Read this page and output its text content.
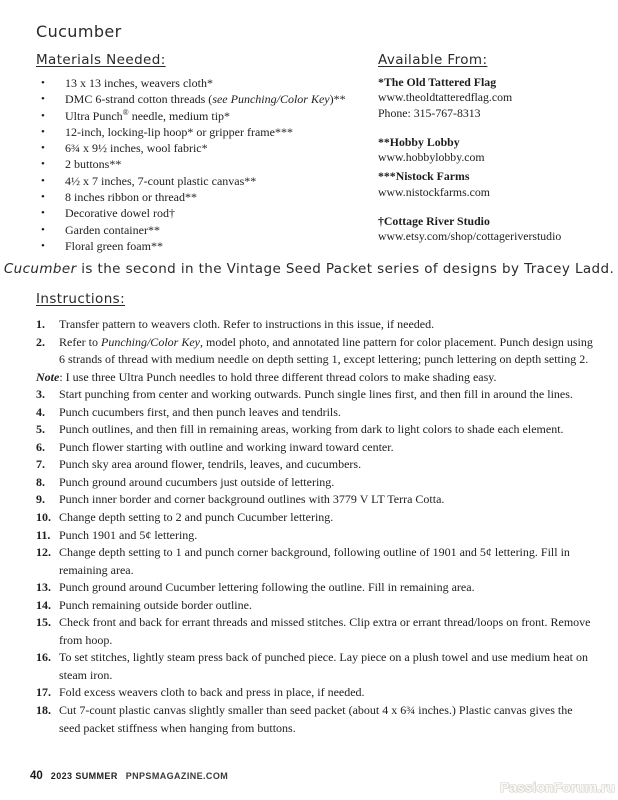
Cucumber
Materials Needed:
•	13 x 13 inches, weavers cloth*
•	DMC 6-strand cotton threads (see Punching/Color Key)**
•	Ultra Punch® needle, medium tip*
•	12-inch, locking-lip hoop* or gripper frame***
•	6¾ x 9½ inches, wool fabric*
•	2 buttons**
•	4½ x 7 inches, 7-count plastic canvas**
•	8 inches ribbon or thread**
•	Decorative dowel rod†
•	Garden container**
•	Floral green foam**
Available From:
*The Old Tattered Flag
www.theoldtatteredflag.com
Phone: 315-767-8313
**Hobby Lobby
www.hobbylobby.com
***Nistock Farms
www.nistockfarms.com
†Cottage River Studio
www.etsy.com/shop/cottageriverstudio
Cucumber is the second in the Vintage Seed Packet series of designs by Tracey Ladd.
Instructions:
1.	Transfer pattern to weavers cloth. Refer to instructions in this issue, if needed.
2.	Refer to Punching/Color Key, model photo, and annotated line pattern for color placement. Punch design using 6 strands of thread with medium needle on depth setting 1, except lettering; punch lettering on depth setting 2.
Note: I use three Ultra Punch needles to hold three different thread colors to make shading easy.
3.	Start punching from center and working outwards. Punch single lines first, and then fill in around the lines.
4.	Punch cucumbers first, and then punch leaves and tendrils.
5.	Punch outlines, and then fill in remaining areas, working from dark to light colors to shade each element.
6.	Punch flower starting with outline and working inward toward center.
7.	Punch sky area around flower, tendrils, leaves, and cucumbers.
8.	Punch ground around cucumbers just outside of lettering.
9.	Punch inner border and corner background outlines with 3779 V LT Terra Cotta.
10. Change depth setting to 2 and punch Cucumber lettering.
11. Punch 1901 and 5¢ lettering.
12. Change depth setting to 1 and punch corner background, following outline of 1901 and 5¢ lettering. Fill in remaining area.
13. Punch ground around Cucumber lettering following the outline. Fill in remaining area.
14. Punch remaining outside border outline.
15. Check front and back for errant threads and missed stitches. Clip extra or errant thread/loops on front. Remove from hoop.
16. To set stitches, lightly steam press back of punched piece. Lay piece on a plush towel and use medium heat on steam iron.
17. Fold excess weavers cloth to back and press in place, if needed.
18. Cut 7-count plastic canvas slightly smaller than seed packet (about 4 x 6¾ inches.) Plastic canvas gives the seed packet stiffness when hanging from buttons.
40 2023 SUMMER PNPSMAGAZINE.COM
PassionForum.ru
